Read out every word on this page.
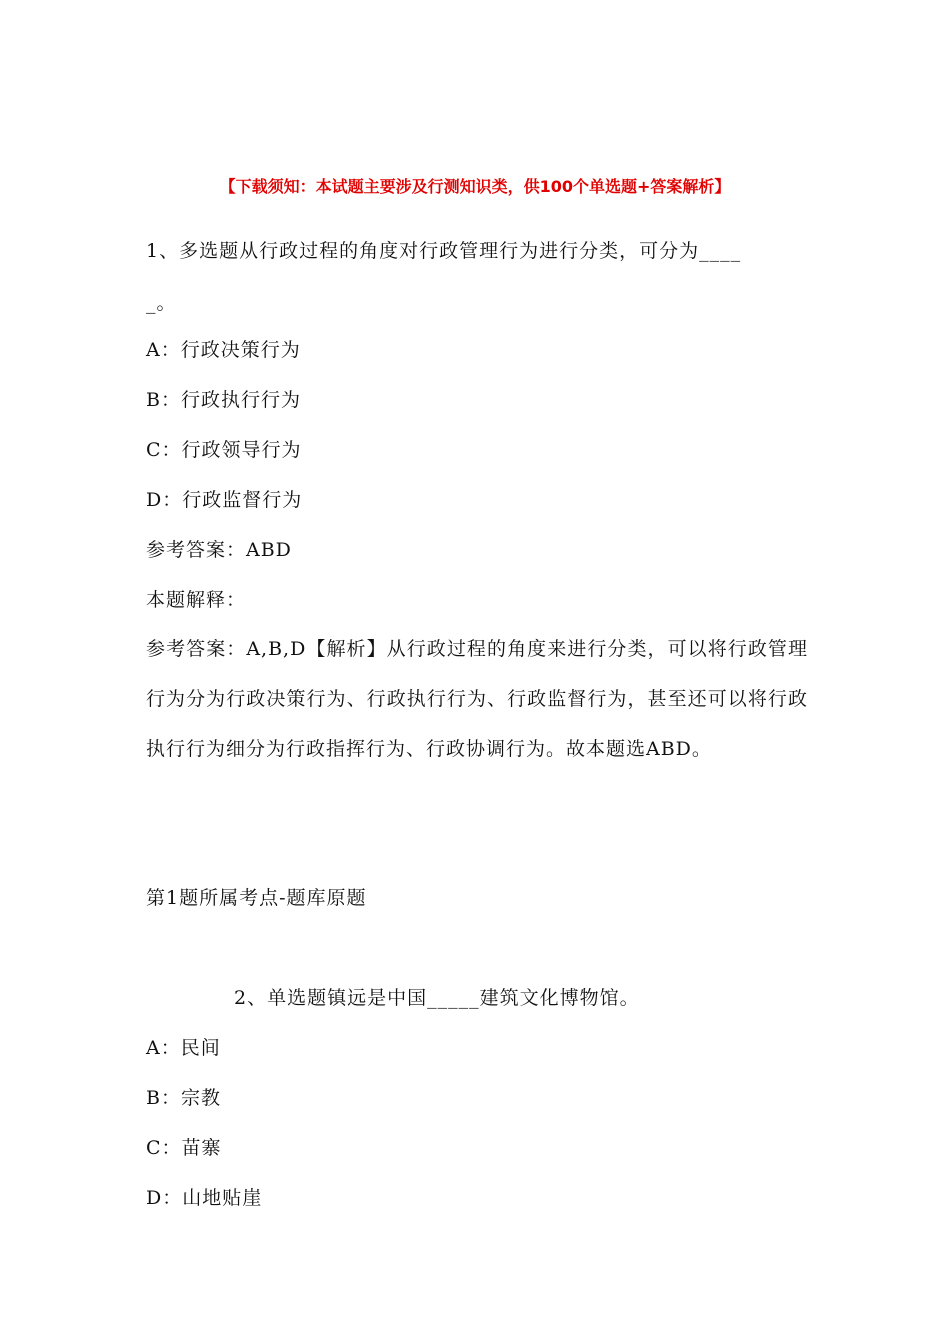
【下载须知：本试题主要涉及行测知识类，供100个单选题+答案解析】
1、多选题从行政过程的角度对行政管理行为进行分类，可分为____
_。
A：行政决策行为
B：行政执行行为
C：行政领导行为
D：行政监督行为
参考答案：ABD
本题解释：
参考答案：A,B,D【解析】从行政过程的角度来进行分类，可以将行政管理行为分为行政决策行为、行政执行行为、行政监督行为，甚至还可以将行政执行行为细分为行政指挥行为、行政协调行为。故本题选ABD。
第1题所属考点-题库原题
2、单选题镇远是中国_____建筑文化博物馆。
A：民间
B：宗教
C：苗寨
D：山地贴崖
